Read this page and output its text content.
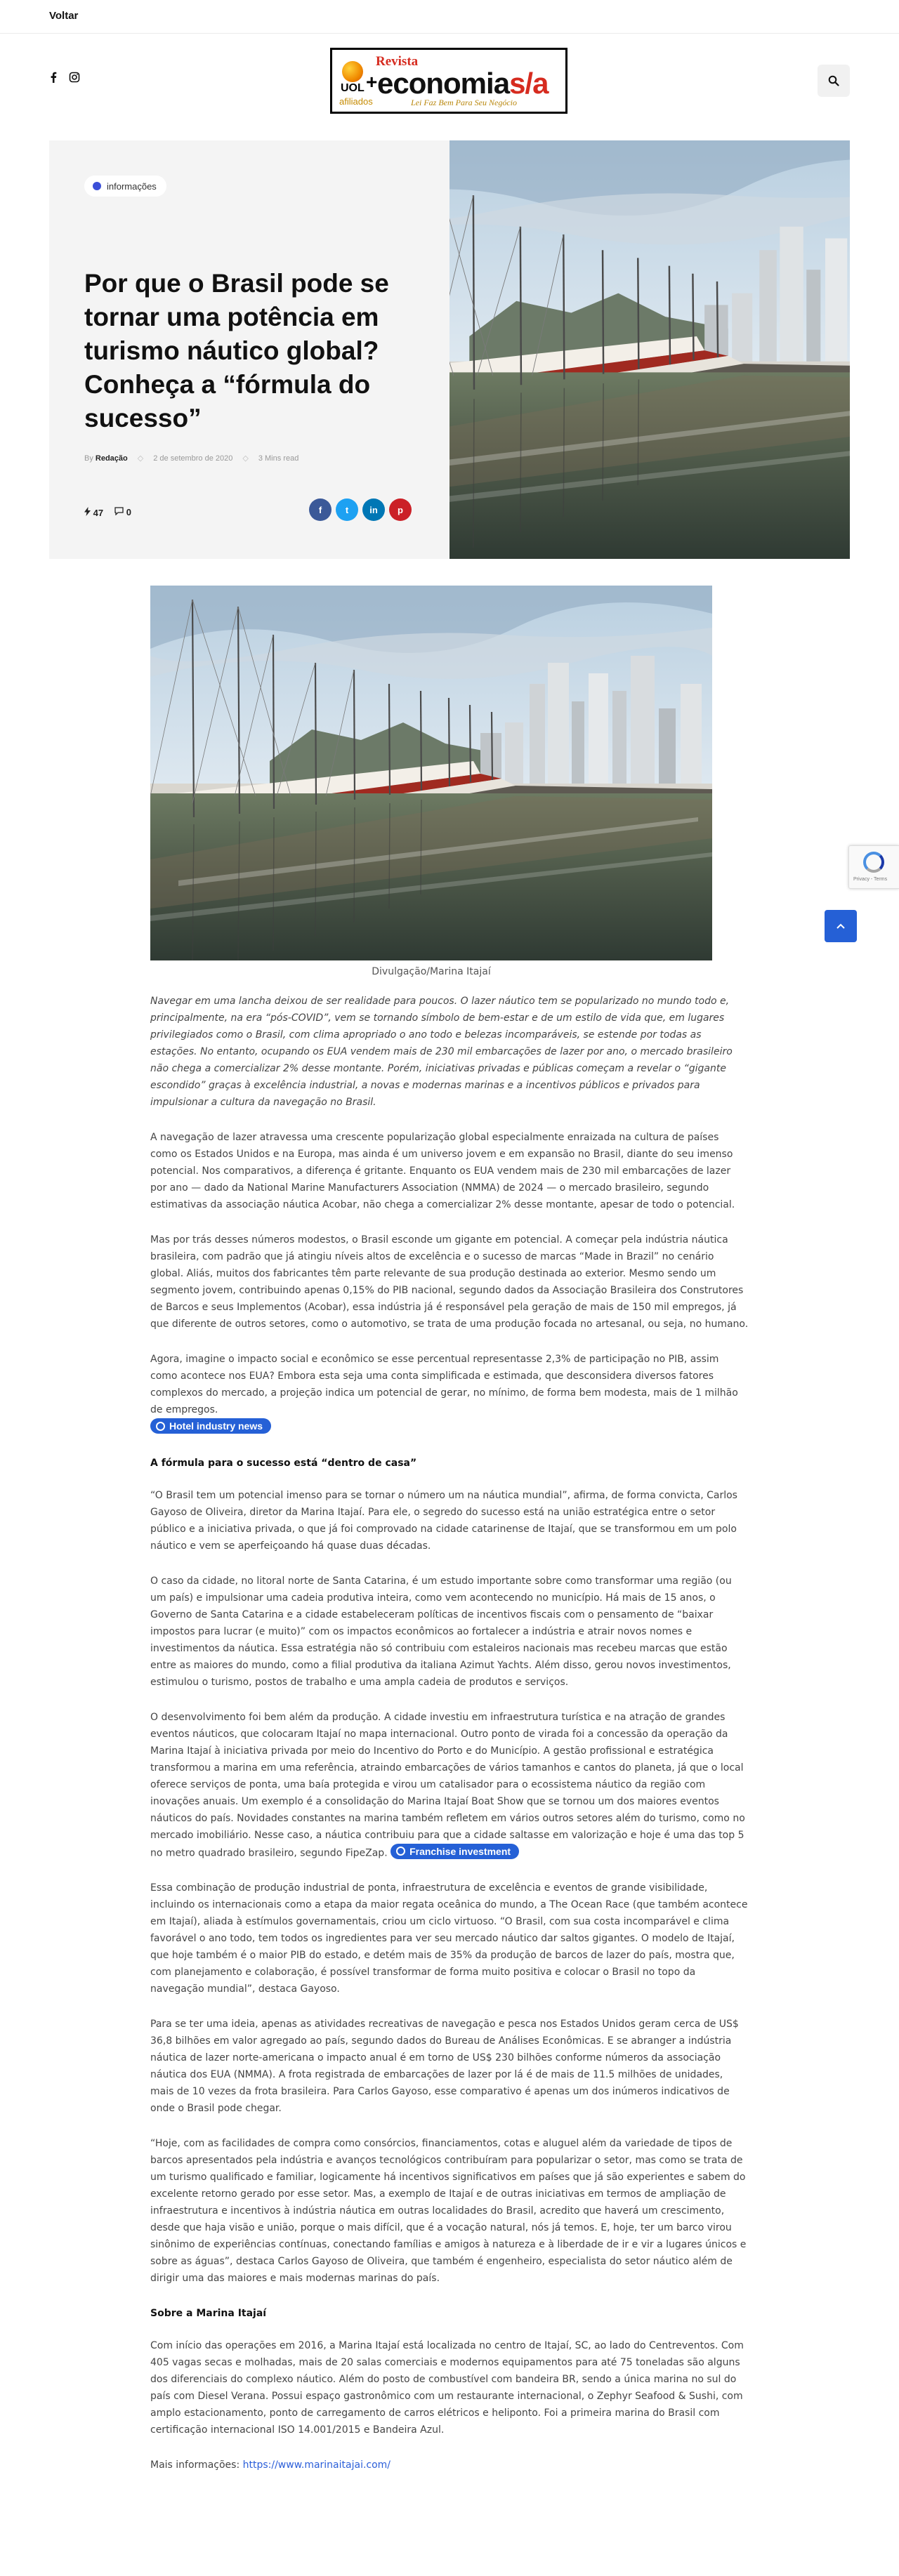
Voltar
Revista
+
UOL economias/a
afiliados	Lei Faz Bem Para Seu Negócio
informações
Por que o Brasil pode se tornar uma potência em turismo náutico global? Conheça a “fórmula do sucesso”
By Redação ◇ 2 de setembro de 2020 ◇ 3 Mins read
47	0	f	t	in	p
Divulgação/Marina Itajaí

Navegar em uma lancha deixou de ser realidade para poucos. O lazer náutico tem se popularizado no mundo todo e, principalmente, na era “pós-COVID”, vem se tornando símbolo de bem-estar e de um estilo de vida que, em lugares privilegiados como o Brasil, com clima apropriado o ano todo e belezas incomparáveis, se estende por todas as estações. No entanto, ocupando os EUA vendem mais de 230 mil embarcações de lazer por ano, o mercado brasileiro não chega a comercializar 2% desse montante. Porém, iniciativas privadas e públicas começam a revelar o “gigante escondido” graças à excelência industrial, a novas e modernas marinas e a incentivos públicos e privados para impulsionar a cultura da navegação no Brasil.

A navegação de lazer atravessa uma crescente popularização global especialmente enraizada na cultura de países como os Estados Unidos e na Europa, mas ainda é um universo jovem e em expansão no Brasil, diante do seu imenso potencial. Nos comparativos, a diferença é gritante. Enquanto os EUA vendem mais de 230 mil embarcações de lazer por ano — dado da National Marine Manufacturers Association (NMMA) de 2024 — o mercado brasileiro, segundo estimativas da associação náutica Acobar, não chega a comercializar 2% desse montante, apesar de todo o potencial.

Mas por trás desses números modestos, o Brasil esconde um gigante em potencial. A começar pela indústria náutica brasileira, com padrão que já atingiu níveis altos de excelência e o sucesso de marcas “Made in Brazil” no cenário global. Aliás, muitos dos fabricantes têm parte relevante de sua produção destinada ao exterior. Mesmo sendo um segmento jovem, contribuindo apenas 0,15% do PIB nacional, segundo dados da Associação Brasileira dos Construtores de Barcos e seus Implementos (Acobar), essa indústria já é responsável pela geração de mais de 150 mil empregos, já que diferente de outros setores, como o automotivo, se trata de uma produção focada no artesanal, ou seja, no humano.

Agora, imagine o impacto social e econômico se esse percentual representasse 2,3% de participação no PIB, assim como acontece nos EUA? Embora esta seja uma conta simplificada e estimada, que desconsidera diversos fatores complexos do mercado, a projeção indica um potencial de gerar, no mínimo, de forma bem modesta, mais de 1 milhão de empregos.

Hotel industry news

A fórmula para o sucesso está “dentro de casa”

“O Brasil tem um potencial imenso para se tornar o número um na náutica mundial”, afirma, de forma convicta, Carlos Gayoso de Oliveira, diretor da Marina Itajaí. Para ele, o segredo do sucesso está na união estratégica entre o setor público e a iniciativa privada, o que já foi comprovado na cidade catarinense de Itajaí, que se transformou em um polo náutico e vem se aperfeiçoando há quase duas décadas.

O caso da cidade, no litoral norte de Santa Catarina, é um estudo importante sobre como transformar uma região (ou um país) e impulsionar uma cadeia produtiva inteira, como vem acontecendo no município. Há mais de 15 anos, o Governo de Santa Catarina e a cidade estabeleceram políticas de incentivos fiscais com o pensamento de “baixar impostos para lucrar (e muito)” com os impactos econômicos ao fortalecer a indústria e atrair novos nomes e investimentos da náutica. Essa estratégia não só contribuiu com estaleiros nacionais mas recebeu marcas que estão entre as maiores do mundo, como a filial produtiva da italiana Azimut Yachts. Além disso, gerou novos investimentos, estimulou o turismo, postos de trabalho e uma ampla cadeia de produtos e serviços.

O desenvolvimento foi bem além da produção. A cidade investiu em infraestrutura turística e na atração de grandes eventos náuticos, que colocaram Itajaí no mapa internacional. Outro ponto de virada foi a concessão da operação da Marina Itajaí à iniciativa privada por meio do Incentivo do Porto e do Município. A gestão profissional e estratégica transformou a marina em uma referência, atraindo embarcações de vários tamanhos e cantos do planeta, já que o local oferece serviços de ponta, uma baía protegida e virou um catalisador para o ecossistema náutico da região com inovações anuais. Um exemplo é a consolidação do Marina Itajaí Boat Show que se tornou um dos maiores eventos náuticos do país. Novidades constantes na marina também refletem em vários outros setores além do turismo, como no mercado imobiliário. Nesse caso, a náutica contribuiu para que a cidade saltasse em valorização e hoje é uma das top 5 no metro quadrado brasileiro, segundo FipeZap. Franchise investment

Essa combinação de produção industrial de ponta, infraestrutura de excelência e eventos de grande visibilidade, incluindo os internacionais como a etapa da maior regata oceânica do mundo, a The Ocean Race (que também acontece em Itajaí), aliada à estímulos governamentais, criou um ciclo virtuoso. “O Brasil, com sua costa incomparável e clima favorável o ano todo, tem todos os ingredientes para ver seu mercado náutico dar saltos gigantes. O modelo de Itajaí, que hoje também é o maior PIB do estado, e detém mais de 35% da produção de barcos de lazer do país, mostra que, com planejamento e colaboração, é possível transformar de forma muito positiva e colocar o Brasil no topo da navegação mundial”, destaca Gayoso.

Para se ter uma ideia, apenas as atividades recreativas de navegação e pesca nos Estados Unidos geram cerca de US$ 36,8 bilhões em valor agregado ao país, segundo dados do Bureau de Análises Econômicas. E se abranger a indústria náutica de lazer norte-americana o impacto anual é em torno de US$ 230 bilhões conforme números da associação náutica dos EUA (NMMA). A frota registrada de embarcações de lazer por lá é de mais de 11.5 milhões de unidades, mais de 10 vezes da frota brasileira. Para Carlos Gayoso, esse comparativo é apenas um dos inúmeros indicativos de onde o Brasil pode chegar.

“Hoje, com as facilidades de compra como consórcios, financiamentos, cotas e aluguel além da variedade de tipos de barcos apresentados pela indústria e avanços tecnológicos contribuíram para popularizar o setor, mas como se trata de um turismo qualificado e familiar, logicamente há incentivos significativos em países que já são experientes e sabem do excelente retorno gerado por esse setor. Mas, a exemplo de Itajaí e de outras iniciativas em termos de ampliação de infraestrutura e incentivos à indústria náutica em outras localidades do Brasil, acredito que haverá um crescimento, desde que haja visão e união, porque o mais difícil, que é a vocação natural, nós já temos. E, hoje, ter um barco virou sinônimo de experiências contínuas, conectando famílias e amigos à natureza e à liberdade de ir e vir a lugares únicos e sobre as águas”, destaca Carlos Gayoso de Oliveira, que também é engenheiro, especialista do setor náutico além de dirigir uma das maiores e mais modernas marinas do país.

Sobre a Marina Itajaí

Com início das operações em 2016, a Marina Itajaí está localizada no centro de Itajaí, SC, ao lado do Centreventos. Com 405 vagas secas e molhadas, mais de 20 salas comerciais e modernos equipamentos para até 75 toneladas são alguns dos diferenciais do complexo náutico. Além do posto de combustível com bandeira BR, sendo a única marina no sul do país com Diesel Verana. Possui espaço gastronômico com um restaurante internacional, o Zephyr Seafood & Sushi, com amplo estacionamento, ponto de carregamento de carros elétricos e heliponto. Foi a primeira marina do Brasil com certificação internacional ISO 14.001/2015 e Bandeira Azul.

Mais informações: https://www.marinaitajai.com/

Privacy - Terms
